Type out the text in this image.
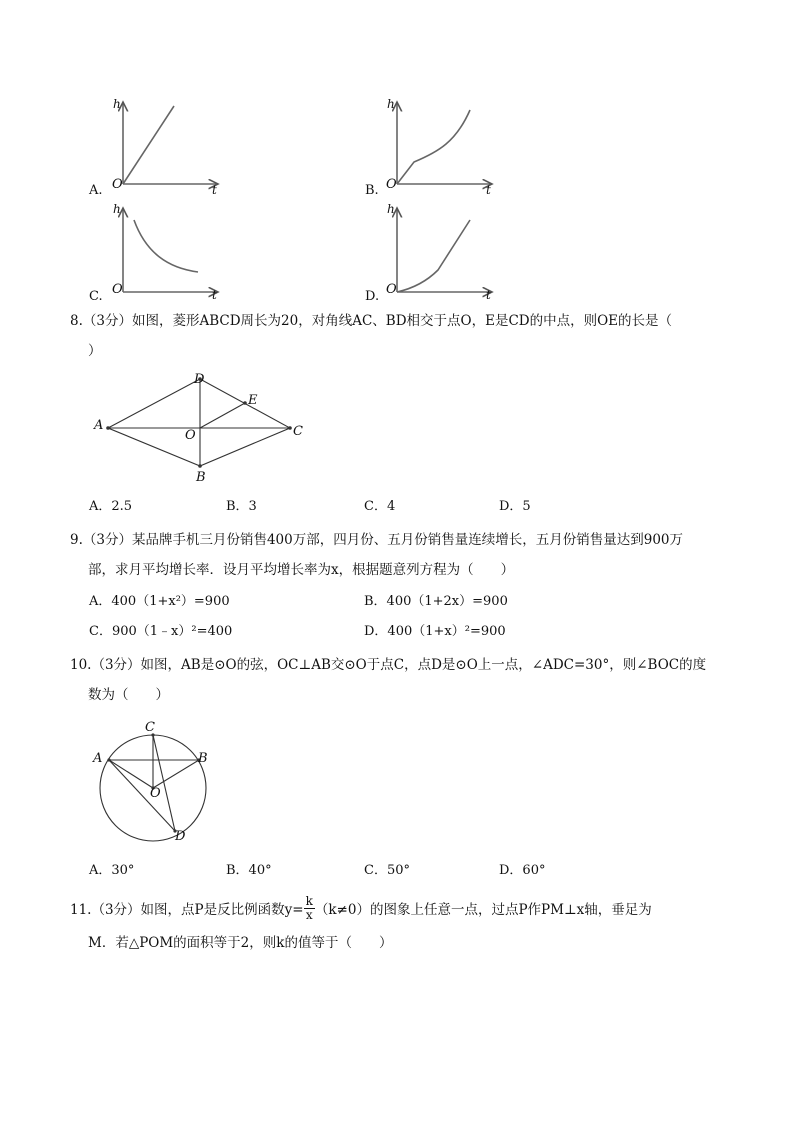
A.
h
t
O	B.
h
t
O
C.
h
t
O	D.
h
t
O
8.（3分）如图，菱形ABCD周长为20，对角线AC、BD相交于点O，E是CD的中点，则OE的长是（
）
A
D
E
O	C
B
A．2.5	B．3	C．4	D．5
9.（3分）某品牌手机三月份销售400万部，四月份、五月份销售量连续增长，五月份销售量达到900万
部，求月平均增长率．设月平均增长率为x，根据题意列方程为（　　）
A．400（1+x²）=900	B．400（1+2x）=900
C．900（1﹣x）²=400	D．400（1+x）²=900
10.（3分）如图，AB是⊙O的弦，OC⊥AB交⊙O于点C，点D是⊙O上一点，∠ADC=30°，则∠BOC的度
数为（　　）
A	B
C
O
D
A．30°	B．40°	C．50°	D．60°
11.（3分）如图，点P是反比例函数$y= \frac{k}{x} (k\ne 0)$的图象上任意一点，过点P作PM⊥x轴，垂足为
M．若△POM的面积等于2，则k的值等于（　　）
